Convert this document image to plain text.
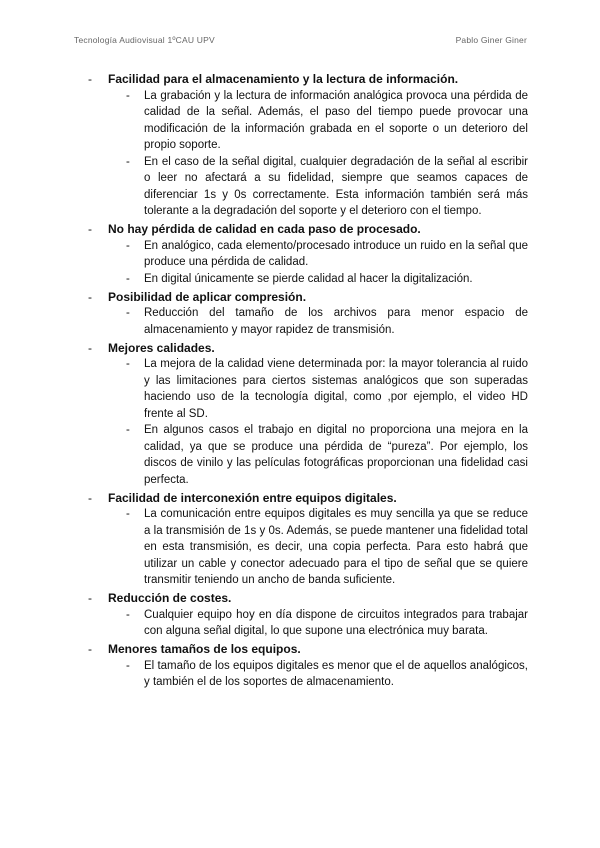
Tecnología Audiovisual 1ºCAU UPV	Pablo Giner Giner
- Facilidad para el almacenamiento y la lectura de información.
- La grabación y la lectura de información analógica provoca una pérdida de calidad de la señal. Además, el paso del tiempo puede provocar una modificación de la información grabada en el soporte o un deterioro del propio soporte.
- En el caso de la señal digital, cualquier degradación de la señal al escribir o leer no afectará a su fidelidad, siempre que seamos capaces de diferenciar 1s y 0s correctamente. Esta información también será más tolerante a la degradación del soporte y el deterioro con el tiempo.
- No hay pérdida de calidad en cada paso de procesado.
- En analógico, cada elemento/procesado introduce un ruido en la señal que produce una pérdida de calidad.
- En digital únicamente se pierde calidad al hacer la digitalización.
- Posibilidad de aplicar compresión.
- Reducción del tamaño de los archivos para menor espacio de almacenamiento y mayor rapidez de transmisión.
- Mejores calidades.
- La mejora de la calidad viene determinada por: la mayor tolerancia al ruido y las limitaciones para ciertos sistemas analógicos que son superadas haciendo uso de la tecnología digital, como ,por ejemplo, el video HD frente al SD.
- En algunos casos el trabajo en digital no proporciona una mejora en la calidad, ya que se produce una pérdida de “pureza”. Por ejemplo, los discos de vinilo y las películas fotográficas proporcionan una fidelidad casi perfecta.
- Facilidad de interconexión entre equipos digitales.
- La comunicación entre equipos digitales es muy sencilla ya que se reduce a la transmisión de 1s y 0s. Además, se puede mantener una fidelidad total en esta transmisión, es decir, una copia perfecta. Para esto habrá que utilizar un cable y conector adecuado para el tipo de señal que se quiere transmitir teniendo un ancho de banda suficiente.
- Reducción de costes.
- Cualquier equipo hoy en día dispone de circuitos integrados para trabajar con alguna señal digital, lo que supone una electrónica muy barata.
- Menores tamaños de los equipos.
- El tamaño de los equipos digitales es menor que el de aquellos analógicos, y también el de los soportes de almacenamiento.
